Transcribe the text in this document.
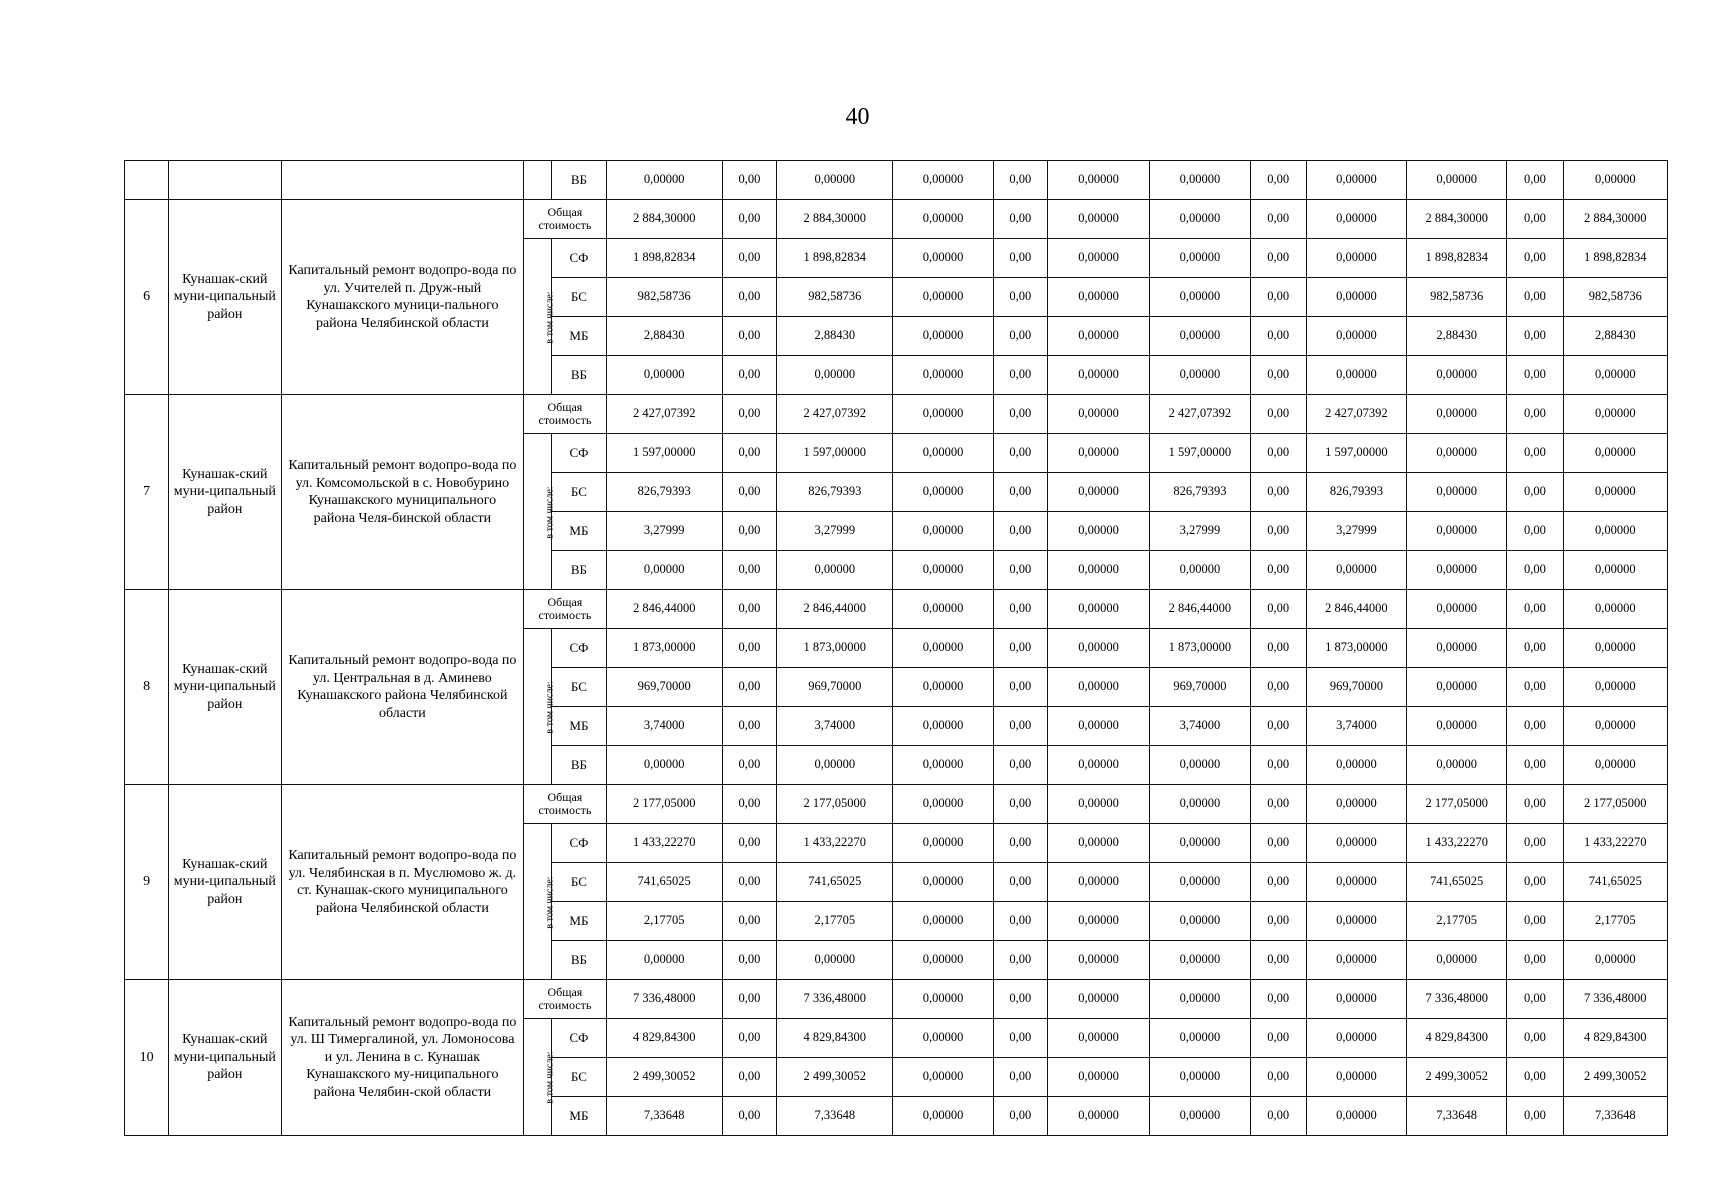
40
				ВБ	0,00000	0,00	0,00000	0,00000	0,00	0,00000	0,00000	0,00	0,00000	0,00000	0,00	0,00000
6	Кунашак-ский муни-ципальный район	Капитальный ремонт водопро-вода по ул. Учителей п. Друж-ный Кунашакского муници-пального района Челябинской области	Общая стоимость		2 884,30000	0,00	2 884,30000	0,00000	0,00	0,00000	0,00000	0,00	0,00000	2 884,30000	0,00	2 884,30000
			в том числе:	СФ	1 898,82834	0,00	1 898,82834	0,00000	0,00	0,00000	0,00000	0,00	0,00000	1 898,82834	0,00	1 898,82834
				БС	982,58736	0,00	982,58736	0,00000	0,00	0,00000	0,00000	0,00	0,00000	982,58736	0,00	982,58736
				МБ	2,88430	0,00	2,88430	0,00000	0,00	0,00000	0,00000	0,00	0,00000	2,88430	0,00	2,88430
				ВБ	0,00000	0,00	0,00000	0,00000	0,00	0,00000	0,00000	0,00	0,00000	0,00000	0,00	0,00000
7	Кунашак-ский муни-ципальный район	Капитальный ремонт водопро-вода по ул. Комсомольской в с. Новобурино Кунашакского муниципального района Челя-бинской области	Общая стоимость		2 427,07392	0,00	2 427,07392	0,00000	0,00	0,00000	2 427,07392	0,00	2 427,07392	0,00000	0,00	0,00000
			в том числе:	СФ	1 597,00000	0,00	1 597,00000	0,00000	0,00	0,00000	1 597,00000	0,00	1 597,00000	0,00000	0,00	0,00000
				БС	826,79393	0,00	826,79393	0,00000	0,00	0,00000	826,79393	0,00	826,79393	0,00000	0,00	0,00000
				МБ	3,27999	0,00	3,27999	0,00000	0,00	0,00000	3,27999	0,00	3,27999	0,00000	0,00	0,00000
				ВБ	0,00000	0,00	0,00000	0,00000	0,00	0,00000	0,00000	0,00	0,00000	0,00000	0,00	0,00000
8	Кунашак-ский муни-ципальный район	Капитальный ремонт водопро-вода по ул. Центральная в д. Аминево Кунашакского района Челябинской области	Общая стоимость		2 846,44000	0,00	2 846,44000	0,00000	0,00	0,00000	2 846,44000	0,00	2 846,44000	0,00000	0,00	0,00000
			в том числе:	СФ	1 873,00000	0,00	1 873,00000	0,00000	0,00	0,00000	1 873,00000	0,00	1 873,00000	0,00000	0,00	0,00000
				БС	969,70000	0,00	969,70000	0,00000	0,00	0,00000	969,70000	0,00	969,70000	0,00000	0,00	0,00000
				МБ	3,74000	0,00	3,74000	0,00000	0,00	0,00000	3,74000	0,00	3,74000	0,00000	0,00	0,00000
				ВБ	0,00000	0,00	0,00000	0,00000	0,00	0,00000	0,00000	0,00	0,00000	0,00000	0,00	0,00000
9	Кунашак-ский муни-ципальный район	Капитальный ремонт водопро-вода по ул. Челябинская в п. Муслюмово ж. д. ст. Кунашак-ского муниципального района Челябинской области	Общая стоимость		2 177,05000	0,00	2 177,05000	0,00000	0,00	0,00000	0,00000	0,00	0,00000	2 177,05000	0,00	2 177,05000
			в том числе:	СФ	1 433,22270	0,00	1 433,22270	0,00000	0,00	0,00000	0,00000	0,00	0,00000	1 433,22270	0,00	1 433,22270
				БС	741,65025	0,00	741,65025	0,00000	0,00	0,00000	0,00000	0,00	0,00000	741,65025	0,00	741,65025
				МБ	2,17705	0,00	2,17705	0,00000	0,00	0,00000	0,00000	0,00	0,00000	2,17705	0,00	2,17705
				ВБ	0,00000	0,00	0,00000	0,00000	0,00	0,00000	0,00000	0,00	0,00000	0,00000	0,00	0,00000
10	Кунашак-ский муни-ципальный район	Капитальный ремонт водопро-вода по ул. Ш Тимергалиной, ул. Ломоносова и ул. Ленина в с. Кунашак Кунашакского му-ниципального района Челябин-ской области	Общая стоимость		7 336,48000	0,00	7 336,48000	0,00000	0,00	0,00000	0,00000	0,00	0,00000	7 336,48000	0,00	7 336,48000
			в том числе:	СФ	4 829,84300	0,00	4 829,84300	0,00000	0,00	0,00000	0,00000	0,00	0,00000	4 829,84300	0,00	4 829,84300
				БС	2 499,30052	0,00	2 499,30052	0,00000	0,00	0,00000	0,00000	0,00	0,00000	2 499,30052	0,00	2 499,30052
				МБ	7,33648	0,00	7,33648	0,00000	0,00	0,00000	0,00000	0,00	0,00000	7,33648	0,00	7,33648
